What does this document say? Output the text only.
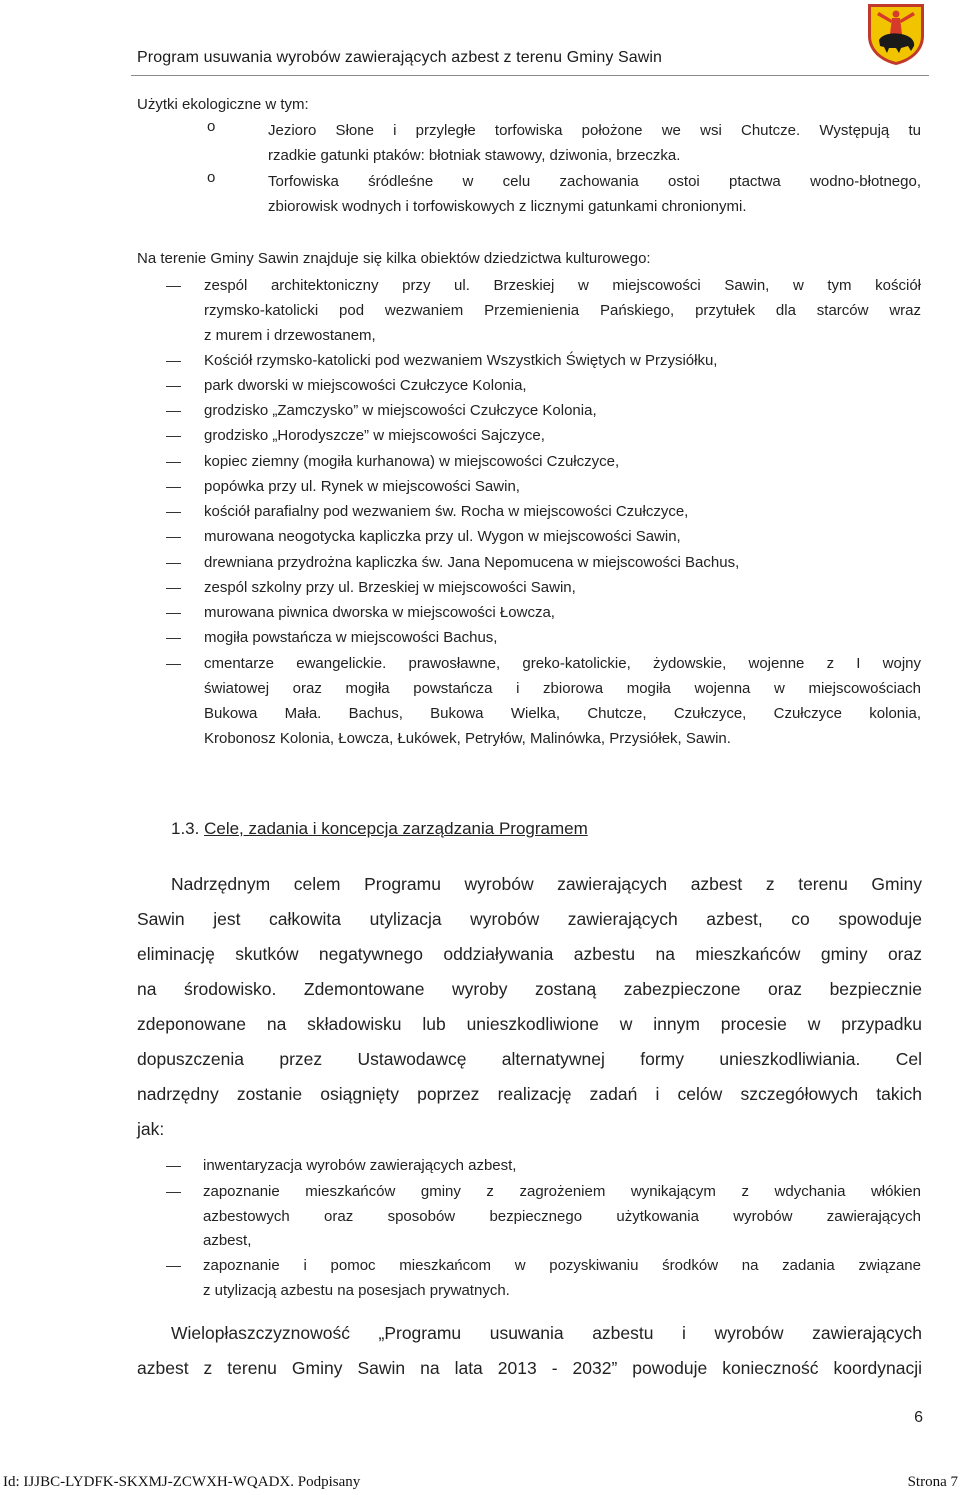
Program usuwania wyrobów zawierających azbest z terenu Gminy Sawin
Użytki ekologiczne w tym:
o	Jezioro Słone i przyległe torfowiska położone we wsi Chutcze. Występują tu
rzadkie gatunki ptaków: błotniak stawowy, dziwonia, brzeczka.
o	Torfowiska śródleśne w celu zachowania ostoi ptactwa wodno-błotnego,
zbiorowisk wodnych i torfowiskowych z licznymi gatunkami chronionymi.
Na terenie Gminy Sawin znajduje się kilka obiektów dziedzictwa kulturowego:
zespól architektoniczny przy ul. Brzeskiej w miejscowości Sawin, w tym kościół
rzymsko-katolicki pod wezwaniem Przemienienia Pańskiego, przytułek dla starców wraz
z murem i drzewostanem,
Kościół rzymsko-katolicki pod wezwaniem Wszystkich Świętych w Przysiółku,
park dworski w miejscowości Czułczyce Kolonia,
grodzisko „Zamczysko” w miejscowości Czułczyce Kolonia,
grodzisko „Horodyszcze” w miejscowości Sajczyce,
kopiec ziemny (mogiła kurhanowa) w miejscowości Czułczyce,
popówka przy ul. Rynek w miejscowości Sawin,
kościół parafialny pod wezwaniem św. Rocha w miejscowości Czułczyce,
murowana neogotycka kapliczka przy ul. Wygon w miejscowości Sawin,
drewniana przydrożna kapliczka św. Jana Nepomucena w miejscowości Bachus,
zespól szkolny przy ul. Brzeskiej w miejscowości Sawin,
murowana piwnica dworska w miejscowości Łowcza,
mogiła powstańcza w miejscowości Bachus,
cmentarze ewangelickie. prawosławne, greko-katolickie, żydowskie, wojenne z I wojny
światowej oraz mogiła powstańcza i zbiorowa mogiła wojenna w miejscowościach
Bukowa Mała. Bachus, Bukowa Wielka, Chutcze, Czułczyce, Czułczyce kolonia,
Krobonosz Kolonia, Łowcza, Łukówek, Petryłów, Malinówka, Przysiółek, Sawin.
1.3. Cele, zadania i koncepcja zarządzania Programem
Nadrzędnym celem Programu wyrobów zawierających azbest z terenu Gminy
Sawin jest całkowita utylizacja wyrobów zawierających azbest, co spowoduje
eliminację skutków negatywnego oddziaływania azbestu na mieszkańców gminy oraz
na środowisko. Zdemontowane wyroby zostaną zabezpieczone oraz bezpiecznie
zdeponowane na składowisku lub unieszkodliwione w innym procesie w przypadku
dopuszczenia przez Ustawodawcę alternatywnej formy unieszkodliwiania. Cel
nadrzędny zostanie osiągnięty poprzez realizację zadań i celów szczegółowych takich
jak:
inwentaryzacja wyrobów zawierających azbest,
zapoznanie mieszkańców gminy z zagrożeniem wynikającym z wdychania włókien
azbestowych oraz sposobów bezpiecznego użytkowania wyrobów zawierających
azbest,
zapoznanie i pomoc mieszkańcom w pozyskiwaniu środków na zadania związane
z utylizacją azbestu na posesjach prywatnych.
Wielopłaszczyznowość „Programu usuwania azbestu i wyrobów zawierających
azbest z terenu Gminy Sawin na lata 2013 - 2032” powoduje konieczność koordynacji
6
Id: IJJBC-LYDFK-SKXMJ-ZCWXH-WQADX. Podpisany	Strona 7
